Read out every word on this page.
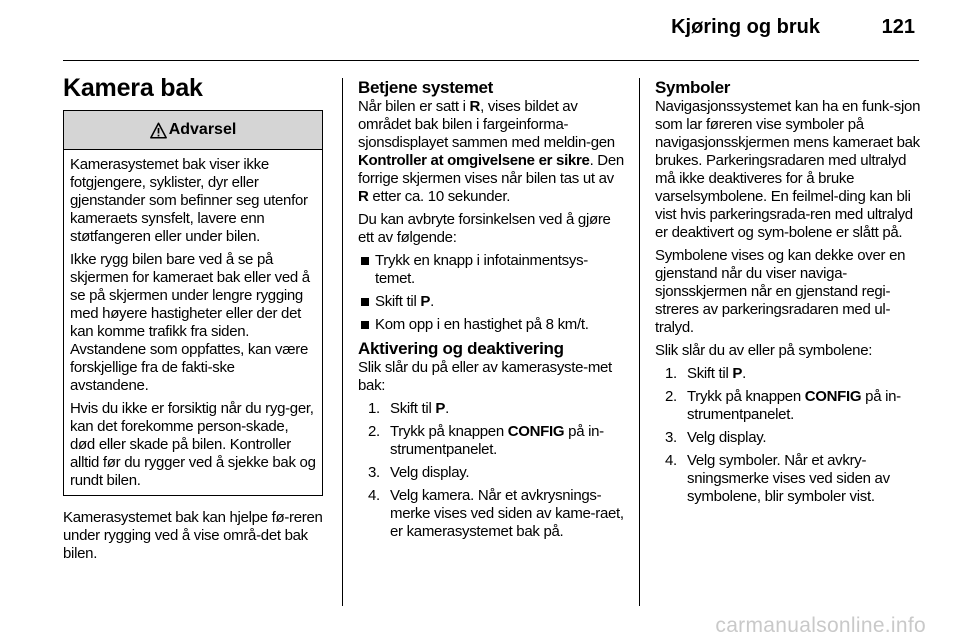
Kjøring og bruk	121
Kamera bak
Advarsel

Kamerasystemet bak viser ikke fotgjengere, syklister, dyr eller gjenstander som befinner seg utenfor kameraets synsfelt, lavere enn støtfangeren eller under bilen.

Ikke rygg bilen bare ved å se på skjermen for kameraet bak eller ved å se på skjermen under lengre rygging med høyere hastigheter eller der det kan komme trafikk fra siden. Avstandene som oppfattes, kan være forskjellige fra de fakti-ske avstandene.

Hvis du ikke er forsiktig når du ryg-ger, kan det forekomme person-skade, død eller skade på bilen. Kontroller alltid før du rygger ved å sjekke bak og rundt bilen.

Kamerasystemet bak kan hjelpe fø-reren under rygging ved å vise områ-det bak bilen.

Betjene systemet

Når bilen er satt i R, vises bildet av området bak bilen i fargeinforma-sjonsdisplayet sammen med meldin-gen Kontroller at omgivelsene er sikre. Den forrige skjermen vises når bilen tas ut av R etter ca. 10 sekunder.

Du kan avbryte forsinkelsen ved å gjøre ett av følgende:

Trykk en knapp i infotainmentsys-temet.
Skift til P.
Kom opp i en hastighet på 8 km/t.
Aktivering og deaktivering

Slik slår du på eller av kamerasyste-met bak:

1. Skift til P.
2. Trykk på knappen CONFIG på in-strumentpanelet.
3. Velg display.
4. Velg kamera. Når et avkrysnings-merke vises ved siden av kame-raet, er kamerasystemet bak på.
Symboler

Navigasjonssystemet kan ha en funk-sjon som lar føreren vise symboler på navigasjonsskjermen mens kameraet bak brukes. Parkeringsradaren med ultralyd må ikke deaktiveres for å bruke varselsymbolene. En feilmel-ding kan bli vist hvis parkeringsrada-ren med ultralyd er deaktivert og sym-bolene er slått på.

Symbolene vises og kan dekke over en gjenstand når du viser naviga-sjonsskjermen når en gjenstand regi-streres av parkeringsradaren med ul-tralyd.

Slik slår du av eller på symbolene:

1. Skift til P.
2. Trykk på knappen CONFIG på in-strumentpanelet.
3. Velg display.
4. Velg symboler. Når et avkry-sningsmerke vises ved siden av symbolene, blir symboler vist.
carmanualsonline.info
